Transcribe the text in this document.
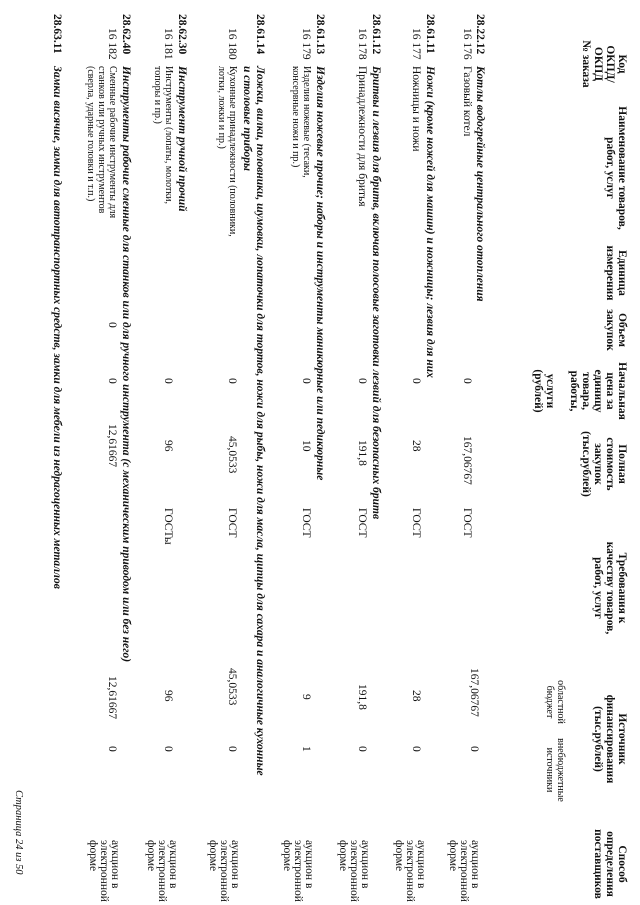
Код
ОКПД/
ОКПД
№ заказа
Наименование товаров,
работ, услуг
Единица
измерения
Объем
закупок
Начальная
цена за
единицу
товара,
работы,

услуги
(рублей)
Полная
стоимость
закупок
(тыс.рублей)
Требования к
качеству товаров,
работ, услуг
Источник
финансирования
(тыс.рублей)
областной
бюджет
внебюджетные
источники
Способ
определения
поставщиков
28.22.12
Котлы водогрейные центрального отопления
16 176
Газовый котел
0
167,06767
ГОСТ
167,06767
0
аукцион в
электронной
форме
28.61.11
Ножи (кроме ножей для машин) и ножницы; лезвия для них
16 177
Ножницы и ножи
0
28
ГОСТ
28
0
аукцион в
электронной
форме
28.61.12
Бритвы и лезвия для бритв, включая полосовые заготовки лезвий для безопасных бритв
16 178
Принадлежности для бритья
0
191,8
ГОСТ
191,8
0
аукцион в
электронной
форме
28.61.13
Изделия ножевые прочие; наборы и инструменты маникюрные или педикюрные
16 179
Изделия ножевые (тесаки,
консервные ножи и пр.)
0
10
ГОСТ
9
1
аукцион в
электронной
форме
28.61.14
Ложки, вилки, половники, шумовки, лопаточки для тортов, ножи для рыбы, ножи для масла, щипцы для сахара и аналогичные кухонные
и столовые приборы
16 180
Кухонные принадлежности (половники,
лотки, ложки и пр.)
0
45,0533
ГОСТ
45,0533
0
аукцион в
электронной
форме
28.62.30
Инструмент ручной прочий
16 181
Инструменты (лопаты, молотки,
топоры и пр.)
0
96
ГОСТы
96
0
аукцион в
электронной
форме
28.62.40
Инструменты рабочие сменные для станков или для ручного инструмента (с механическим приводом или без него)
16 182
Сменные рабочие инструменты для
станков или ручных инструментов
(сверла, ударные головки и т.п.)
0
0
12,61667
12,61667
0
аукцион в
электронной
форме
28.63.11
Замки висячие, замки для автотранспортных средств, замки для мебели из недрагоценных металлов
Страница 24 из 50
